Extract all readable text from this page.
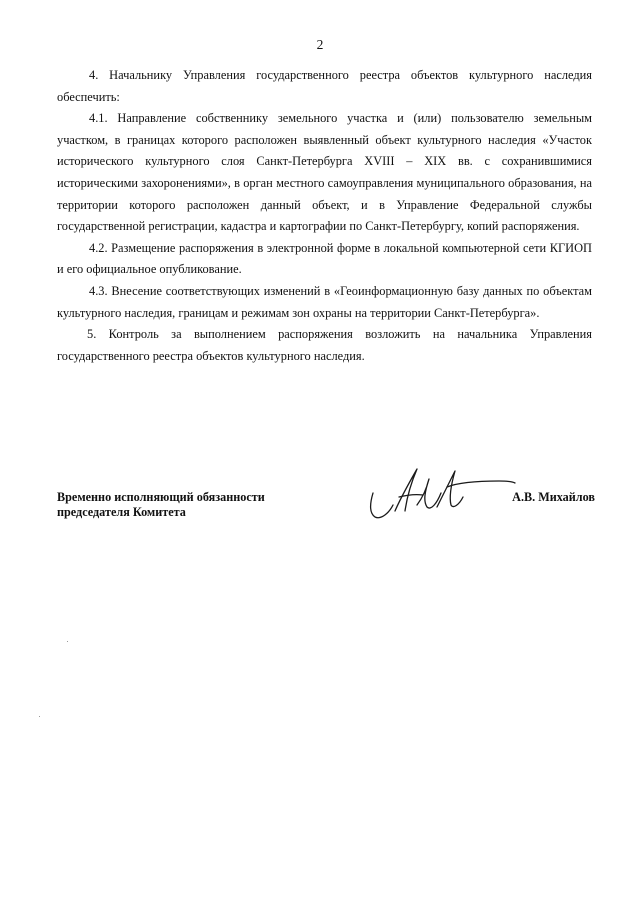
2

4. Начальнику Управления государственного реестра объектов культурного наследия обеспечить:

4.1. Направление собственнику земельного участка и (или) пользователю земельным участком, в границах которого расположен выявленный объект культурного наследия «Участок исторического культурного слоя Санкт-Петербурга XVIII – XIX вв. с сохранившимися историческими захоронениями», в орган местного самоуправления муниципального образования, на территории которого расположен данный объект, и в Управление Федеральной службы государственной регистрации, кадастра и картографии по Санкт-Петербургу, копий распоряжения.

4.2. Размещение распоряжения в электронной форме в локальной компьютерной сети КГИОП и его официальное опубликование.

4.3. Внесение соответствующих изменений в «Геоинформационную базу данных по объектам культурного наследия, границам и режимам зон охраны на территории Санкт-Петербурга».

5. Контроль за выполнением распоряжения возложить на начальника Управления государственного реестра объектов культурного наследия.

Временно исполняющий обязанности
председателя Комитета
А.В. Михайлов
